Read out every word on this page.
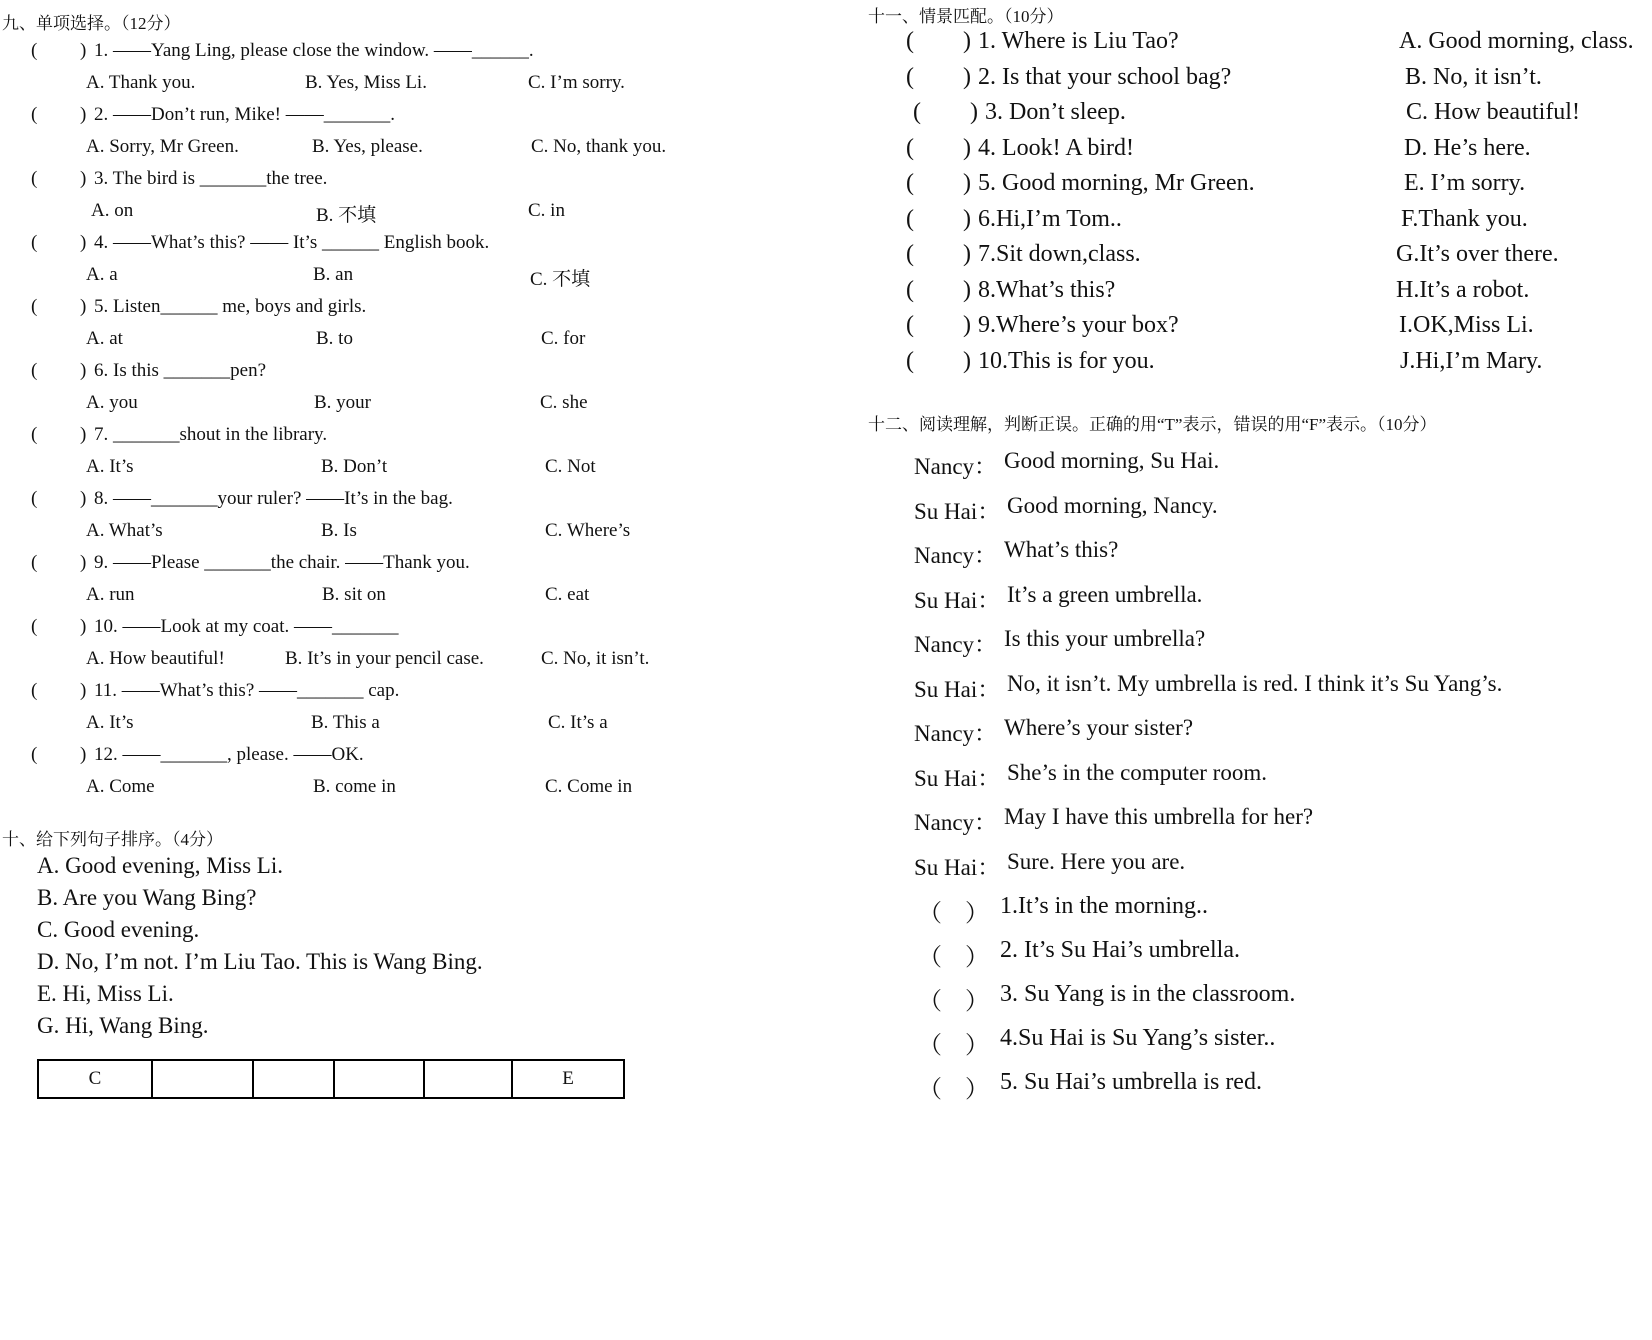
九、单项选择。（12分）
( ) 1. ——Yang Ling, please close the window. ——______.
A. Thank you.	B. Yes, Miss Li.	C. I’m sorry.
( ) 2. ——Don’t run, Mike! ——_______.
A. Sorry, Mr Green.	B. Yes, please.	C. No, thank you.
( ) 3. The bird is _______the tree.
A. on	B. 不填	C. in
( ) 4. ——What’s this? —— It’s ______ English book.
A. a	B. an	C. 不填
( ) 5. Listen______ me, boys and girls.
A. at	B. to	C. for
( ) 6. Is this _______pen?
A. you	B. your	C. she
( ) 7. _______shout in the library.
A. It’s	B. Don’t	C. Not
( ) 8. ——_______your ruler? ——It’s in the bag.
A. What’s	B. Is	C. Where’s
( ) 9. ——Please _______the chair. ——Thank you.
A. run	B. sit on	C. eat
( ) 10. ——Look at my coat. ——_______
A. How beautiful!	B. It’s in your pencil case.	C. No, it isn’t.
( ) 11. ——What’s this? ——_______ cap.
A. It’s	B. This a	C. It’s a
( ) 12. ——_______, please. ——OK.
A. Come	B. come in	C. Come in
十、给下列句子排序。（4分）
A. Good evening, Miss Li.
B. Are you Wang Bing?
C. Good evening.
D. No, I’m not. I’m Liu Tao. This is Wang Bing.
E. Hi, Miss Li.
G. Hi, Wang Bing.
C					E
十一、情景匹配。（10分）
( ) 1. Where is Liu Tao?	A. Good morning, class.
( ) 2. Is that your school bag?	B. No, it isn’t.
( ) 3. Don’t sleep.	C. How beautiful!
( ) 4. Look! A bird!	D. He’s here.
( ) 5. Good morning, Mr Green.	E. I’m sorry.
( ) 6.Hi,I’m Tom..	F.Thank you.
( ) 7.Sit down,class.	G.It’s over there.
( ) 8.What’s this?	H.It’s a robot.
( ) 9.Where’s your box?	I.OK,Miss Li.
( ) 10.This is for you.	J.Hi,I’m Mary.
十二、阅读理解，判断正误。正确的用“T”表示，错误的用“F”表示。（10分）
Nancy： Good morning, Su Hai.
Su Hai： Good morning, Nancy.
Nancy： What’s this?
Su Hai： It’s a green umbrella.
Nancy： Is this your umbrella?
Su Hai： No, it isn’t. My umbrella is red. I think it’s Su Yang’s.
Nancy： Where’s your sister?
Su Hai： She’s in the computer room.
Nancy： May I have this umbrella for her?
Su Hai： Sure. Here you are.
（ ） 1.It’s in the morning..
（ ） 2. It’s Su Hai’s umbrella.
（ ） 3. Su Yang is in the classroom.
（ ） 4.Su Hai is Su Yang’s sister..
（ ） 5. Su Hai’s umbrella is red.
